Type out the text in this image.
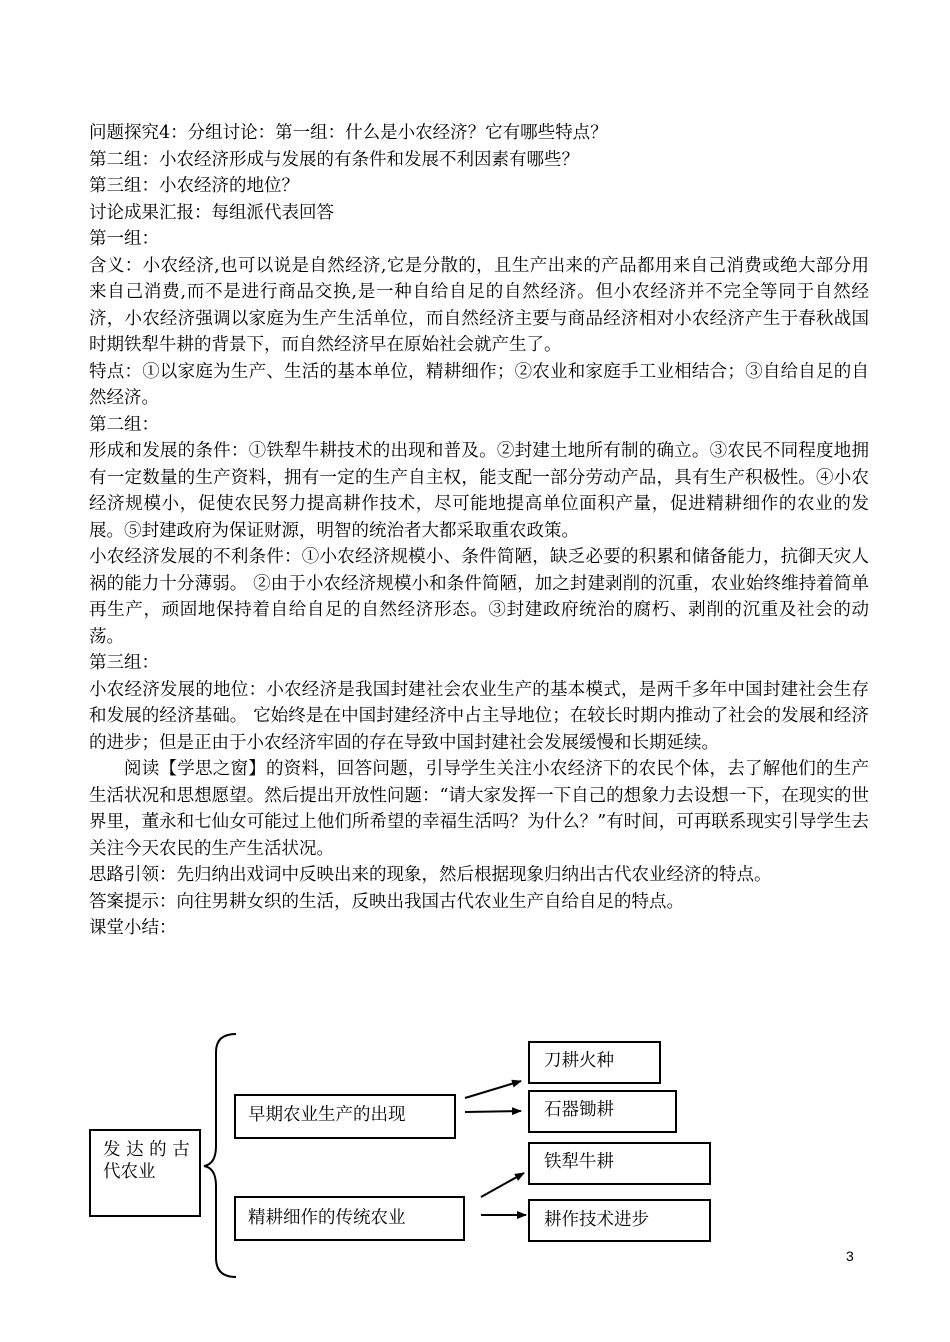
问题探究4：分组讨论：第一组：什么是小农经济？它有哪些特点？

第二组：小农经济形成与发展的有条件和发展不利因素有哪些？

第三组：小农经济的地位？

讨论成果汇报：每组派代表回答

第一组：

含义：小农经济,也可以说是自然经济,它是分散的，且生产出来的产品都用来自己消费或绝大部分用来自己消费,而不是进行商品交换,是一种自给自足的自然经济。但小农经济并不完全等同于自然经济，小农经济强调以家庭为生产生活单位，而自然经济主要与商品经济相对小农经济产生于春秋战国时期铁犁牛耕的背景下，而自然经济早在原始社会就产生了。

特点：①以家庭为生产、生活的基本单位，精耕细作；②农业和家庭手工业相结合；③自给自足的自然经济。

第二组：

形成和发展的条件：①铁犁牛耕技术的出现和普及。②封建土地所有制的确立。③农民不同程度地拥有一定数量的生产资料，拥有一定的生产自主权，能支配一部分劳动产品，具有生产积极性。④小农经济规模小，促使农民努力提高耕作技术，尽可能地提高单位面积产量，促进精耕细作的农业的发展。⑤封建政府为保证财源，明智的统治者大都采取重农政策。

小农经济发展的不利条件：①小农经济规模小、条件简陋，缺乏必要的积累和储备能力，抗御天灾人祸的能力十分薄弱。 ②由于小农经济规模小和条件简陋，加之封建剥削的沉重，农业始终维持着简单再生产，顽固地保持着自给自足的自然经济形态。③封建政府统治的腐朽、剥削的沉重及社会的动荡。

第三组：

小农经济发展的地位：小农经济是我国封建社会农业生产的基本模式，是两千多年中国封建社会生存和发展的经济基础。 它始终是在中国封建经济中占主导地位；在较长时期内推动了社会的发展和经济的进步；但是正由于小农经济牢固的存在导致中国封建社会发展缓慢和长期延续。

阅读【学思之窗】的资料，回答问题，引导学生关注小农经济下的农民个体，去了解他们的生产生活状况和思想愿望。然后提出开放性问题：“请大家发挥一下自己的想象力去设想一下，在现实的世界里，董永和七仙女可能过上他们所希望的幸福生活吗？为什么？”有时间，可再联系现实引导学生去关注今天农民的生产生活状况。

思路引领：先归纳出戏词中反映出来的现象，然后根据现象归纳出古代农业经济的特点。

答案提示：向往男耕女织的生活，反映出我国古代农业生产自给自足的特点。

课堂小结：

发 达 的 古 代农业
早期农业生产的出现
精耕细作的传统农业
刀耕火种
石器锄耕
铁犁牛耕
耕作技术进步
3
